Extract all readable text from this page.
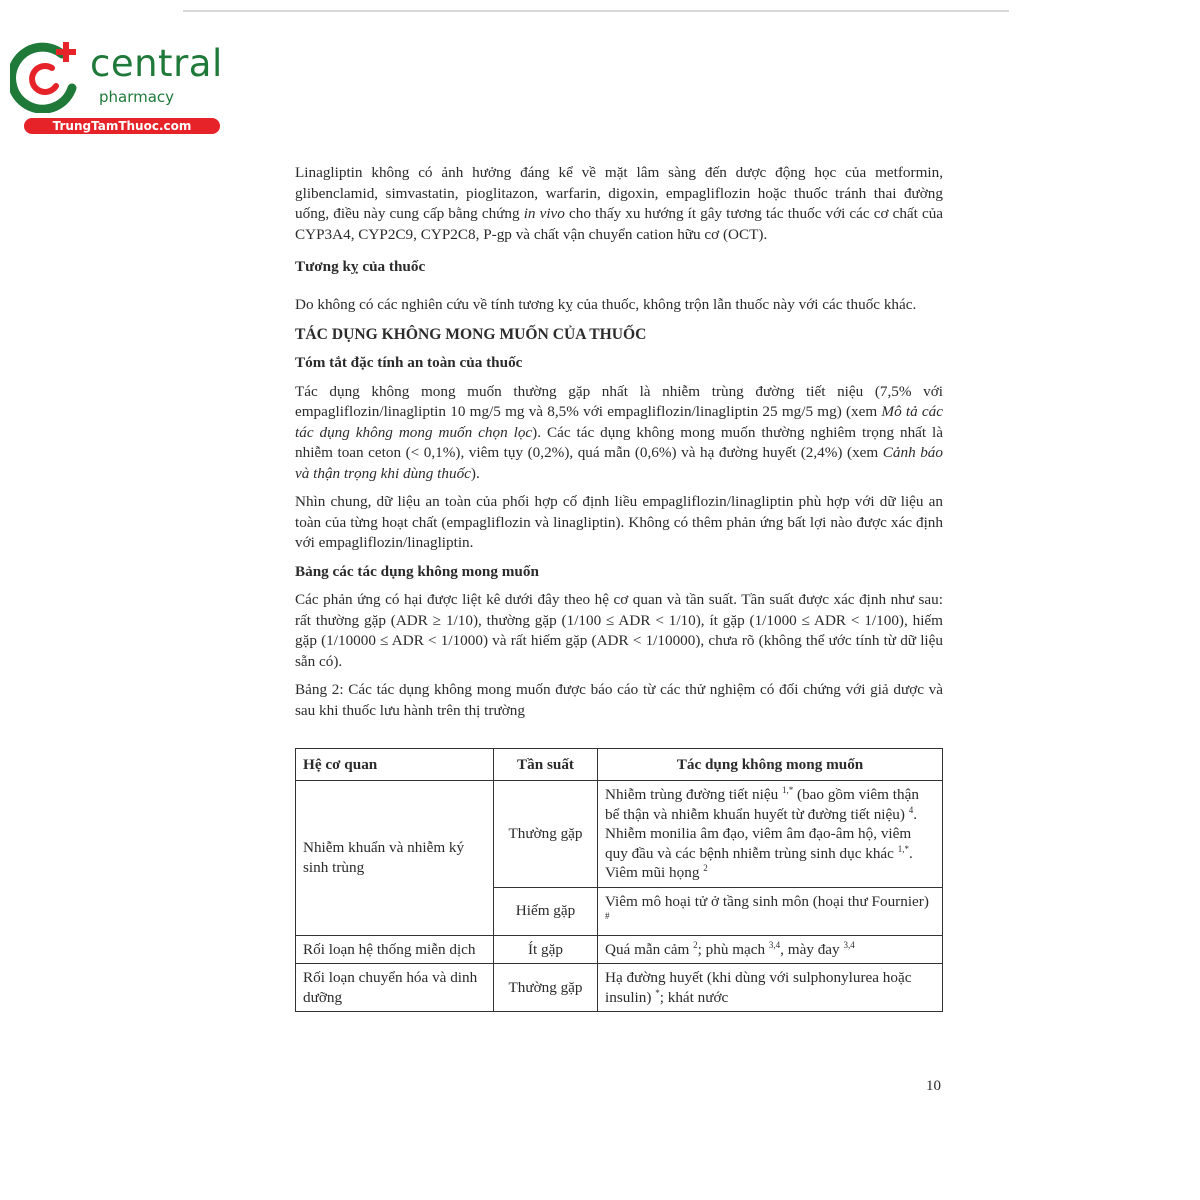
central
pharmacy
TrungTamThuoc.com

Linagliptin không có ảnh hưởng đáng kể về mặt lâm sàng đến dược động học của metformin, glibenclamid, simvastatin, pioglitazon, warfarin, digoxin, empagliflozin hoặc thuốc tránh thai đường uống, điều này cung cấp bằng chứng in vivo cho thấy xu hướng ít gây tương tác thuốc với các cơ chất của CYP3A4, CYP2C9, CYP2C8, P-gp và chất vận chuyển cation hữu cơ (OCT).

Tương kỵ của thuốc

Do không có các nghiên cứu về tính tương kỵ của thuốc, không trộn lẫn thuốc này với các thuốc khác.

TÁC DỤNG KHÔNG MONG MUỐN CỦA THUỐC

Tóm tắt đặc tính an toàn của thuốc

Tác dụng không mong muốn thường gặp nhất là nhiễm trùng đường tiết niệu (7,5% với empagliflozin/linagliptin 10 mg/5 mg và 8,5% với empagliflozin/linagliptin 25 mg/5 mg) (xem Mô tả các tác dụng không mong muốn chọn lọc). Các tác dụng không mong muốn thường nghiêm trọng nhất là nhiễm toan ceton (< 0,1%), viêm tụy (0,2%), quá mẫn (0,6%) và hạ đường huyết (2,4%) (xem Cảnh báo và thận trọng khi dùng thuốc).

Nhìn chung, dữ liệu an toàn của phối hợp cố định liều empagliflozin/linagliptin phù hợp với dữ liệu an toàn của từng hoạt chất (empagliflozin và linagliptin). Không có thêm phản ứng bất lợi nào được xác định với empagliflozin/linagliptin.

Bảng các tác dụng không mong muốn

Các phản ứng có hại được liệt kê dưới đây theo hệ cơ quan và tần suất. Tần suất được xác định như sau: rất thường gặp (ADR ≥ 1/10), thường gặp (1/100 ≤ ADR < 1/10), ít gặp (1/1000 ≤ ADR < 1/100), hiếm gặp (1/10000 ≤ ADR < 1/1000) và rất hiếm gặp (ADR < 1/10000), chưa rõ (không thể ước tính từ dữ liệu sẵn có).

Bảng 2: Các tác dụng không mong muốn được báo cáo từ các thử nghiệm có đối chứng với giả dược và sau khi thuốc lưu hành trên thị trường

Hệ cơ quan	Tần suất	Tác dụng không mong muốn
Nhiễm khuẩn và nhiễm ký sinh trùng	Thường gặp	Nhiễm trùng đường tiết niệu $^{1,*}$ (bao gồm viêm thận bể thận và nhiễm khuẩn huyết từ đường tiết niệu) $^4$. Nhiễm monilia âm đạo, viêm âm đạo-âm hộ, viêm quy đầu và các bệnh nhiễm trùng sinh dục khác $^{1,*}$. Viêm mũi họng $^2$
	Hiếm gặp	Viêm mô hoại tử ở tầng sinh môn (hoại thư Fournier) #
Rối loạn hệ thống miễn dịch	Ít gặp	Quá mẫn cảm $^2$; phù mạch $^{3,4}$, mày đay $^{3,4}$
Rối loạn chuyển hóa và dinh dưỡng	Thường gặp	Hạ đường huyết (khi dùng với sulphonylurea hoặc insulin) *; khát nước
10
